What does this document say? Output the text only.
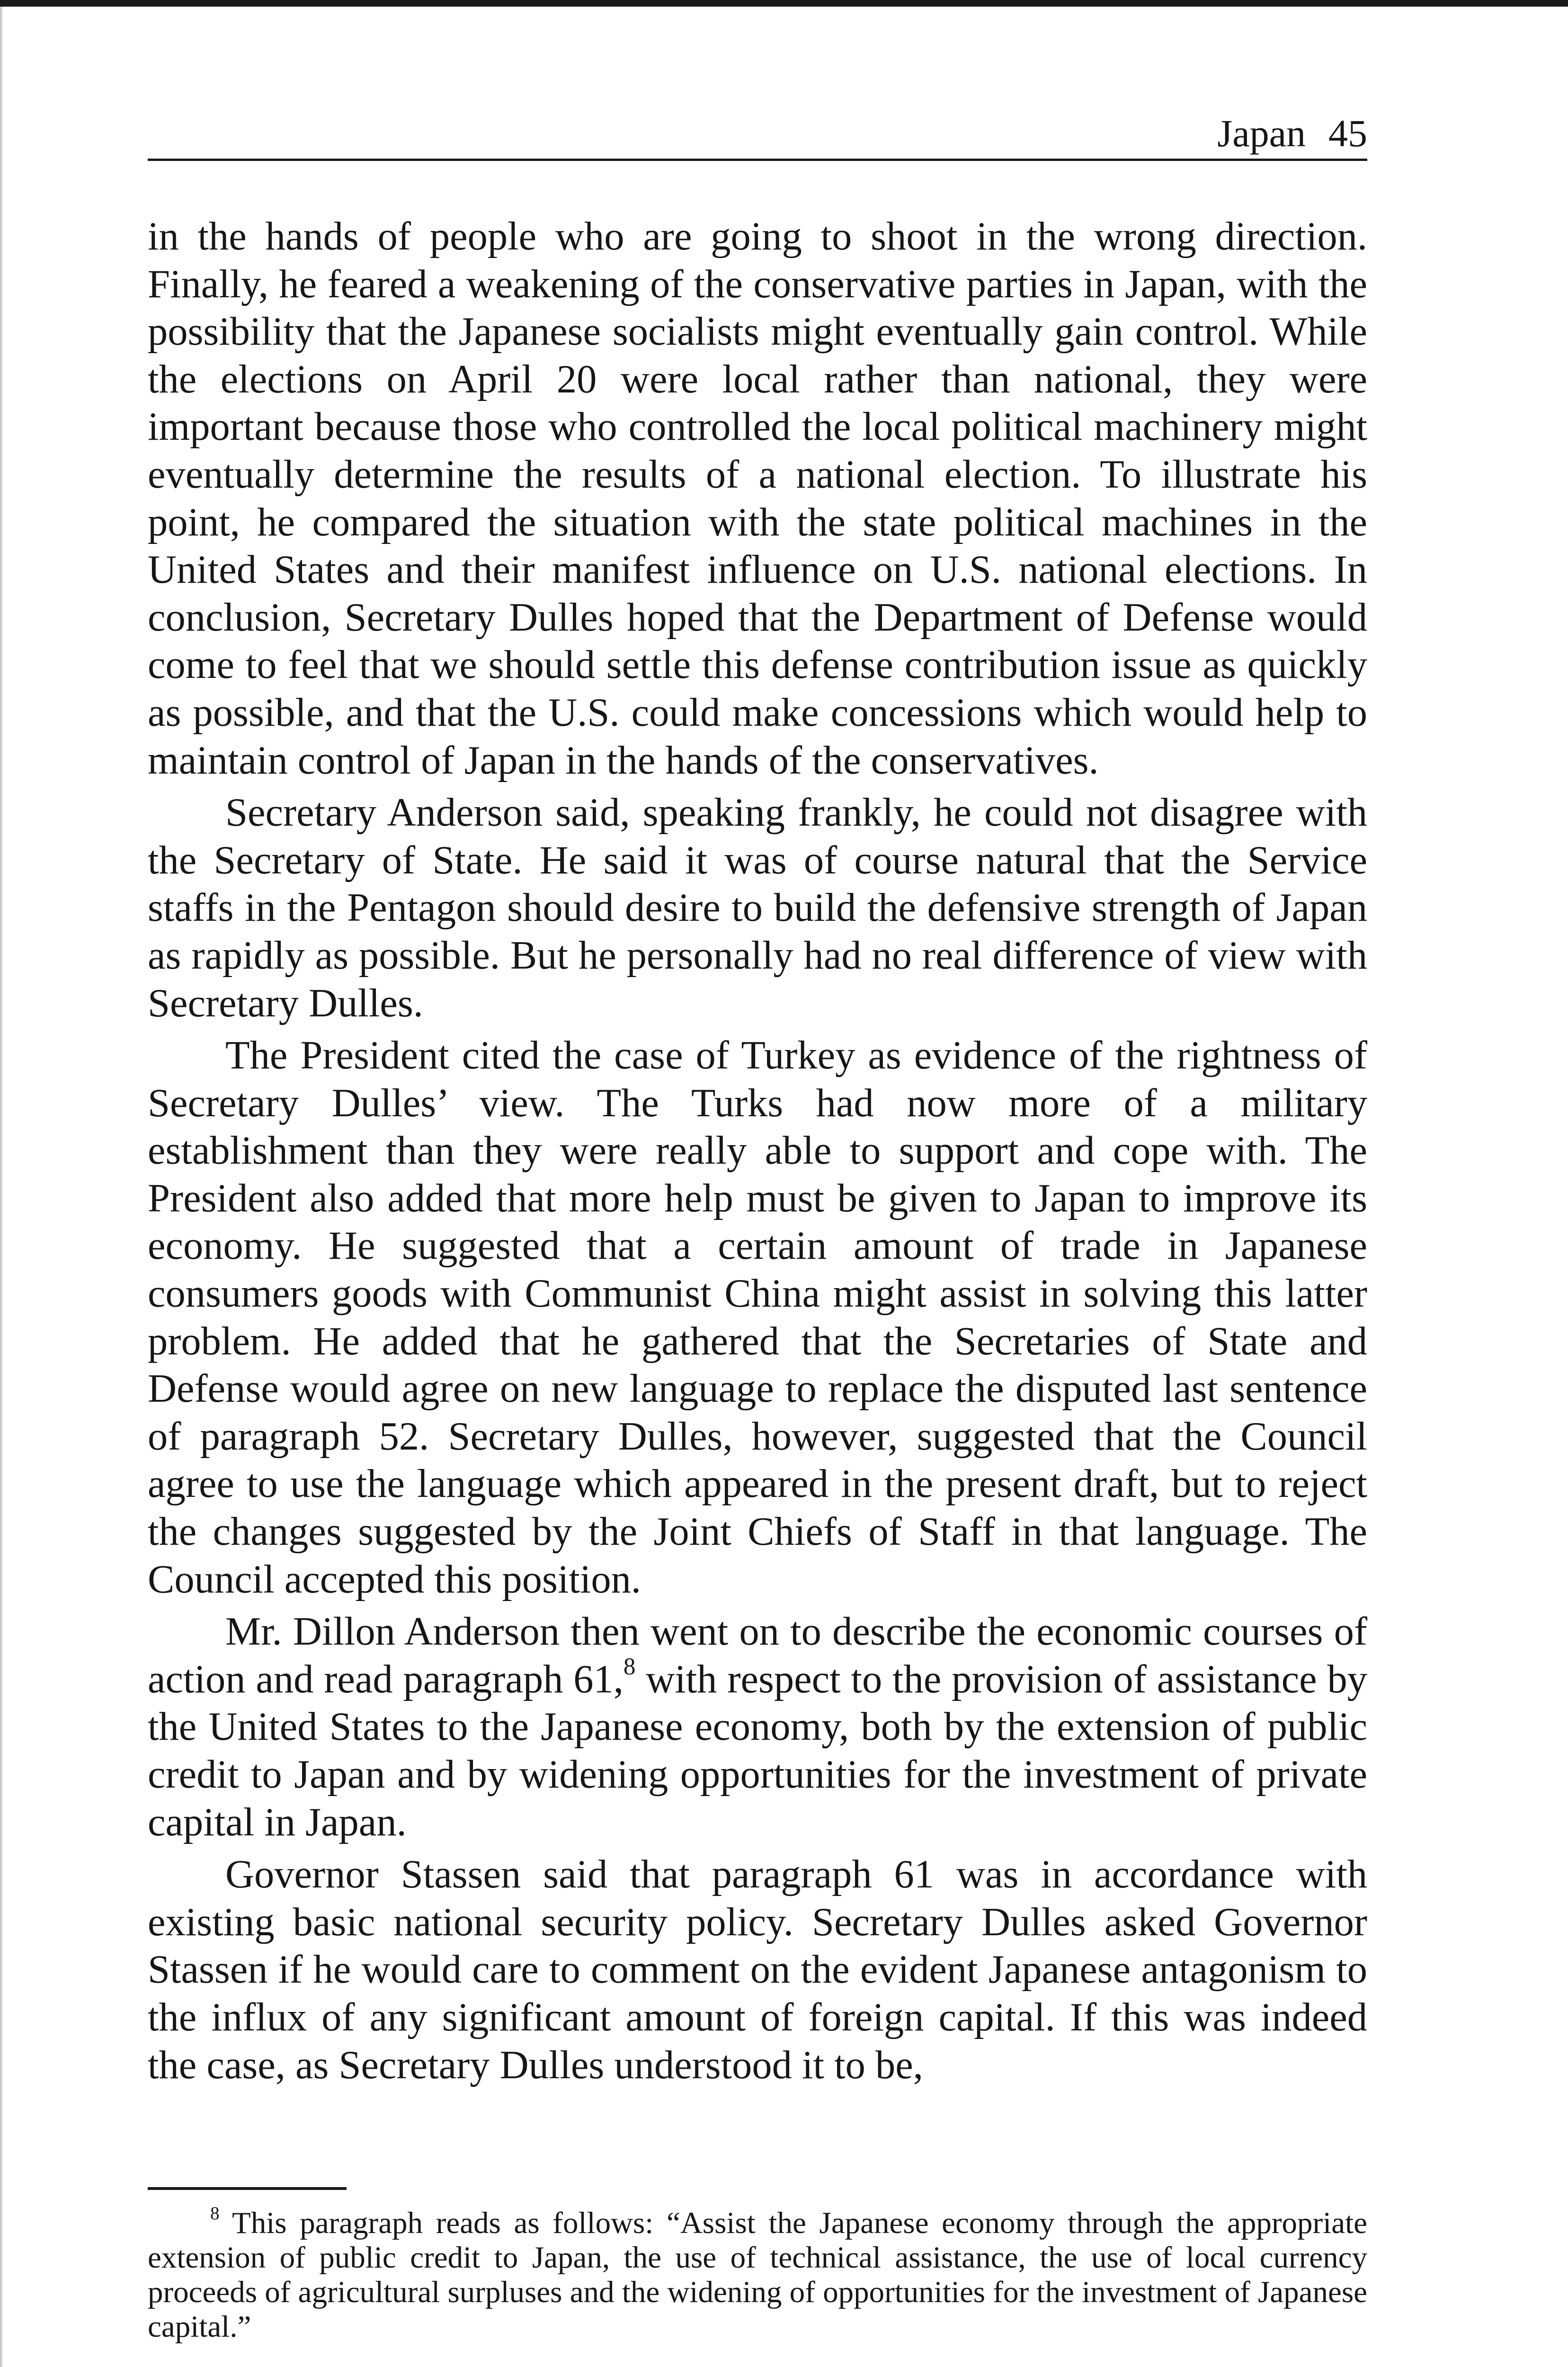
Japan 45

in the hands of people who are going to shoot in the wrong direction. Finally, he feared a weakening of the conservative parties in Japan, with the possibility that the Japanese socialists might eventually gain control. While the elections on April 20 were local rather than national, they were important because those who controlled the local political machinery might eventually determine the results of a national election. To illustrate his point, he compared the situation with the state political machines in the United States and their manifest influence on U.S. national elections. In conclusion, Secretary Dulles hoped that the Department of Defense would come to feel that we should settle this defense contribution issue as quickly as possible, and that the U.S. could make concessions which would help to maintain control of Japan in the hands of the conservatives.

Secretary Anderson said, speaking frankly, he could not disagree with the Secretary of State. He said it was of course natural that the Service staffs in the Pentagon should desire to build the defensive strength of Japan as rapidly as possible. But he personally had no real difference of view with Secretary Dulles.

The President cited the case of Turkey as evidence of the rightness of Secretary Dulles’ view. The Turks had now more of a military establishment than they were really able to support and cope with. The President also added that more help must be given to Japan to improve its economy. He suggested that a certain amount of trade in Japanese consumers goods with Communist China might assist in solving this latter problem. He added that he gathered that the Secretaries of State and Defense would agree on new language to replace the disputed last sentence of paragraph 52. Secretary Dulles, however, suggested that the Council agree to use the language which appeared in the present draft, but to reject the changes suggested by the Joint Chiefs of Staff in that language. The Council accepted this position.

Mr. Dillon Anderson then went on to describe the economic courses of action and read paragraph 61,$^8$ with respect to the provision of assistance by the United States to the Japanese economy, both by the extension of public credit to Japan and by widening opportunities for the investment of private capital in Japan.

Governor Stassen said that paragraph 61 was in accordance with existing basic national security policy. Secretary Dulles asked Governor Stassen if he would care to comment on the evident Japanese antagonism to the influx of any significant amount of foreign capital. If this was indeed the case, as Secretary Dulles understood it to be,

$^8$ This paragraph reads as follows: “Assist the Japanese economy through the appropriate extension of public credit to Japan, the use of technical assistance, the use of local currency proceeds of agricultural surpluses and the widening of opportunities for the investment of Japanese capital.”
